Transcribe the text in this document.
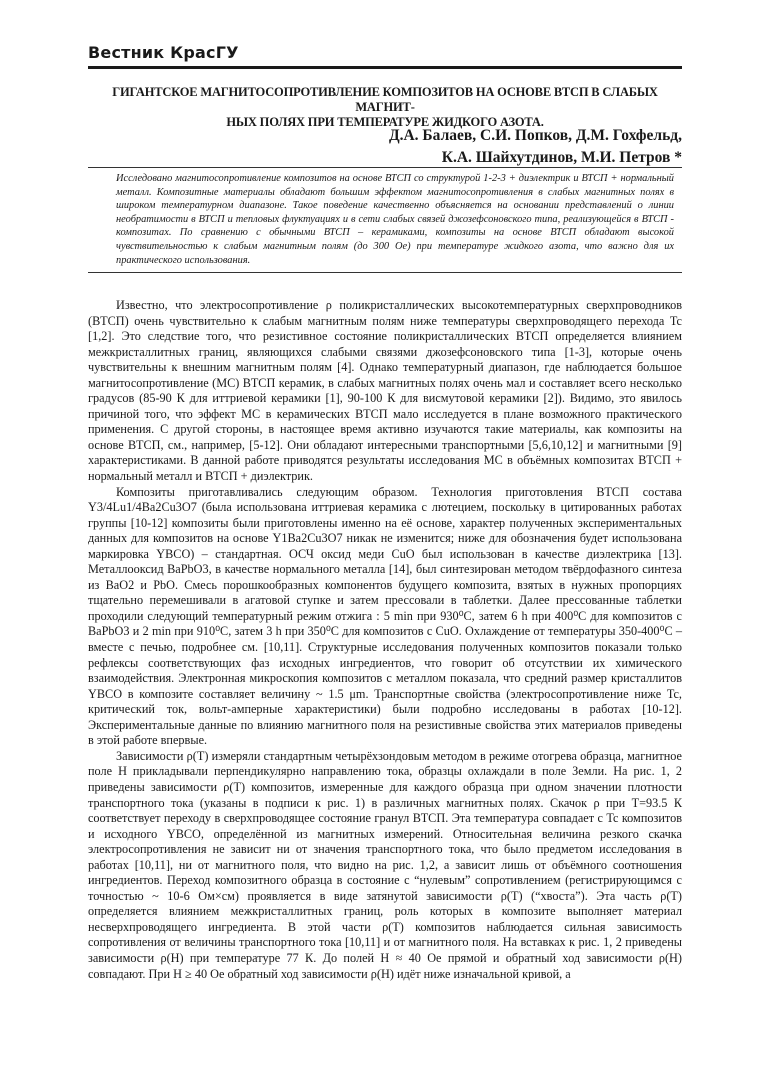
Вестник КрасГУ
ГИГАНТСКОЕ МАГНИТОСОПРОТИВЛЕНИЕ КОМПОЗИТОВ НА ОСНОВЕ ВТСП В СЛАБЫХ МАГНИТ-
НЫХ ПОЛЯХ ПРИ ТЕМПЕРАТУРЕ ЖИДКОГО АЗОТА.
Д.А. Балаев, С.И. Попков, Д.М. Гохфельд,
К.А. Шайхутдинов, М.И. Петров *
Исследовано магнитосопротивление композитов на основе ВТСП со структурой 1-2-3 + диэлектрик и ВТСП + нормальный металл. Композитные материалы обладают большим эффектом магнитосопротивления в слабых магнитных полях в широком температурном диапазоне. Такое поведение качественно объясняется на основании представлений о линии необратимости в ВТСП и тепловых флуктуациях и в сети слабых связей джозефсоновского типа, реализующейся в ВТСП - композитах. По сравнению с обычными ВТСП – керамиками, композиты на основе ВТСП обладают высокой чувствительностью к слабым магнитным полям (до 300 Ое) при температуре жидкого азота, что важно для их практического использования.

Известно, что электросопротивление ρ поликристаллических высокотемпературных сверхпроводников (ВТСП) очень чувствительно к слабым магнитным полям ниже температуры сверхпроводящего перехода Tc [1,2]. Это следствие того, что резистивное состояние поликристаллических ВТСП определяется влиянием межкристаллитных границ, являющихся слабыми связями джозефсоновского типа [1-3], которые очень чувствительны к внешним магнитным полям [4]. Однако температурный диапазон, где наблюдается большое магнитосопротивление (МС) ВТСП керамик, в слабых магнитных полях очень мал и составляет всего несколько градусов (85-90 К для иттриевой керамики [1], 90-100 К для висмутовой керамики [2]). Видимо, это явилось причиной того, что эффект МС в керамических ВТСП мало исследуется в плане возможного практического применения. С другой стороны, в настоящее время активно изучаются такие материалы, как композиты на основе ВТСП, см., например, [5-12]. Они обладают интересными транспортными [5,6,10,12] и магнитными [9] характеристиками. В данной работе приводятся результаты исследования МС в объёмных композитах ВТСП + нормальный металл и ВТСП + диэлектрик.

Композиты приготавливались следующим образом. Технология приготовления ВТСП состава Y3/4Lu1/4Ba2Cu3O7 (была использована иттриевая керамика с лютецием, поскольку в цитированных работах группы [10-12] композиты были приготовлены именно на её основе, характер полученных экспериментальных данных для композитов на основе Y1Ba2Cu3O7 никак не изменится; ниже для обозначения будет использована маркировка YBCO) – стандартная. ОСЧ оксид меди CuO был использован в качестве диэлектрика [13]. Металлооксид BaPbO3, в качестве нормального металла [14], был синтезирован методом твёрдофазного синтеза из BaO2 и PbO. Смесь порошкообразных компонентов будущего композита, взятых в нужных пропорциях тщательно перемешивали в агатовой ступке и затем прессовали в таблетки. Далее прессованные таблетки проходили следующий температурный режим отжига : 5 min при 930⁰С, затем 6 h при 400⁰С для композитов с BaPbO3 и 2 min при 910⁰С, затем 3 h при 350⁰С для композитов с CuO. Охлаждение от температуры 350-400⁰С – вместе с печью, подробнее см. [10,11]. Структурные исследования полученных композитов показали только рефлексы соответствующих фаз исходных ингредиентов, что говорит об отсутствии их химического взаимодействия. Электронная микроскопия композитов с металлом показала, что средний размер кристаллитов YBCO в композите составляет величину ~ 1.5 μm. Транспортные свойства (электросопротивление ниже Tc, критический ток, вольт-амперные характеристики) были подробно исследованы в работах [10-12]. Экспериментальные данные по влиянию магнитного поля на резистивные свойства этих материалов приведены в этой работе впервые.

Зависимости ρ(T) измеряли стандартным четырёхзондовым методом в режиме отогрева образца, магнитное поле H прикладывали перпендикулярно направлению тока, образцы охлаждали в поле Земли. На рис. 1, 2 приведены зависимости ρ(T) композитов, измеренные для каждого образца при одном значении плотности транспортного тока (указаны в подписи к рис. 1) в различных магнитных полях. Скачок ρ при T=93.5 К соответствует переходу в сверхпроводящее состояние гранул ВТСП. Эта температура совпадает с Tc композитов и исходного YBCO, определённой из магнитных измерений. Относительная величина резкого скачка электросопротивления не зависит ни от значения транспортного тока, что было предметом исследования в работах [10,11], ни от магнитного поля, что видно на рис. 1,2, а зависит лишь от объёмного соотношения ингредиентов. Переход композитного образца в состояние с “нулевым” сопротивлением (регистрирующимся с точностью ~ 10-6 Ом×см) проявляется в виде затянутой зависимости ρ(T) (“хвоста”). Эта часть ρ(T) определяется влиянием межкристаллитных границ, роль которых в композите выполняет материал несверхпроводящего ингредиента. В этой части ρ(T) композитов наблюдается сильная зависимость сопротивления от величины транспортного тока [10,11] и от магнитного поля. На вставках к рис. 1, 2 приведены зависимости ρ(H) при температуре 77 К. До полей H ≈ 40 Ое прямой и обратный ход зависимости ρ(H) совпадают. При H ≥ 40 Ое обратный ход зависимости ρ(H) идёт ниже изначальной кривой, а
